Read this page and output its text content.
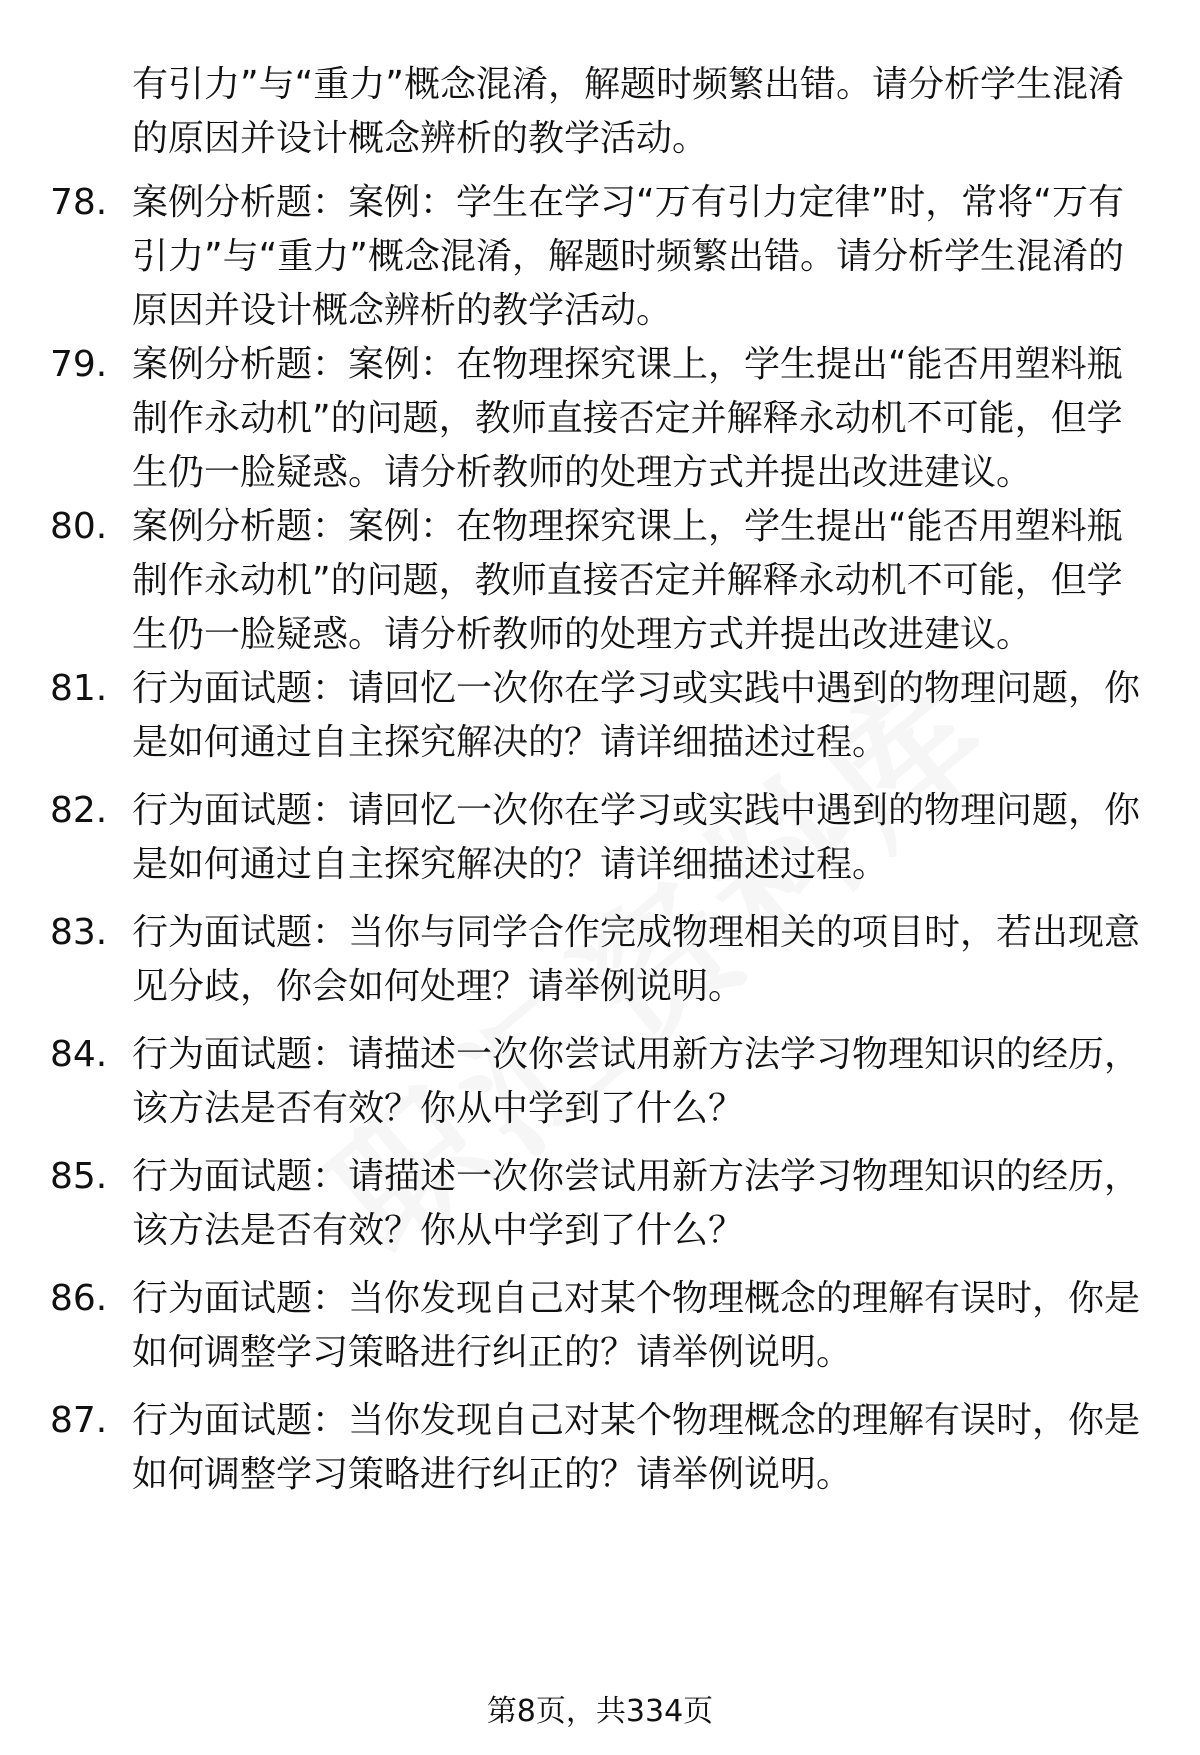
有引力”与“重力”概念混淆，解题时频繁出错。请分析学生混淆的原因并设计概念辨析的教学活动。
78. 案例分析题：案例：学生在学习“万有引力定律”时，常将“万有引力”与“重力”概念混淆，解题时频繁出错。请分析学生混淆的原因并设计概念辨析的教学活动。
79. 案例分析题：案例：在物理探究课上，学生提出“能否用塑料瓶制作永动机”的问题，教师直接否定并解释永动机不可能，但学生仍一脸疑惑。请分析教师的处理方式并提出改进建议。
80. 案例分析题：案例：在物理探究课上，学生提出“能否用塑料瓶制作永动机”的问题，教师直接否定并解释永动机不可能，但学生仍一脸疑惑。请分析教师的处理方式并提出改进建议。
81. 行为面试题：请回忆一次你在学习或实践中遇到的物理问题，你是如何通过自主探究解决的？请详细描述过程。
82. 行为面试题：请回忆一次你在学习或实践中遇到的物理问题，你是如何通过自主探究解决的？请详细描述过程。
83. 行为面试题：当你与同学合作完成物理相关的项目时，若出现意见分歧，你会如何处理？请举例说明。
84. 行为面试题：请描述一次你尝试用新方法学习物理知识的经历，该方法是否有效？你从中学到了什么？
85. 行为面试题：请描述一次你尝试用新方法学习物理知识的经历，该方法是否有效？你从中学到了什么？
86. 行为面试题：当你发现自己对某个物理概念的理解有误时，你是如何调整学习策略进行纠正的？请举例说明。
87. 行为面试题：当你发现自己对某个物理概念的理解有误时，你是如何调整学习策略进行纠正的？请举例说明。
第8页，共334页
